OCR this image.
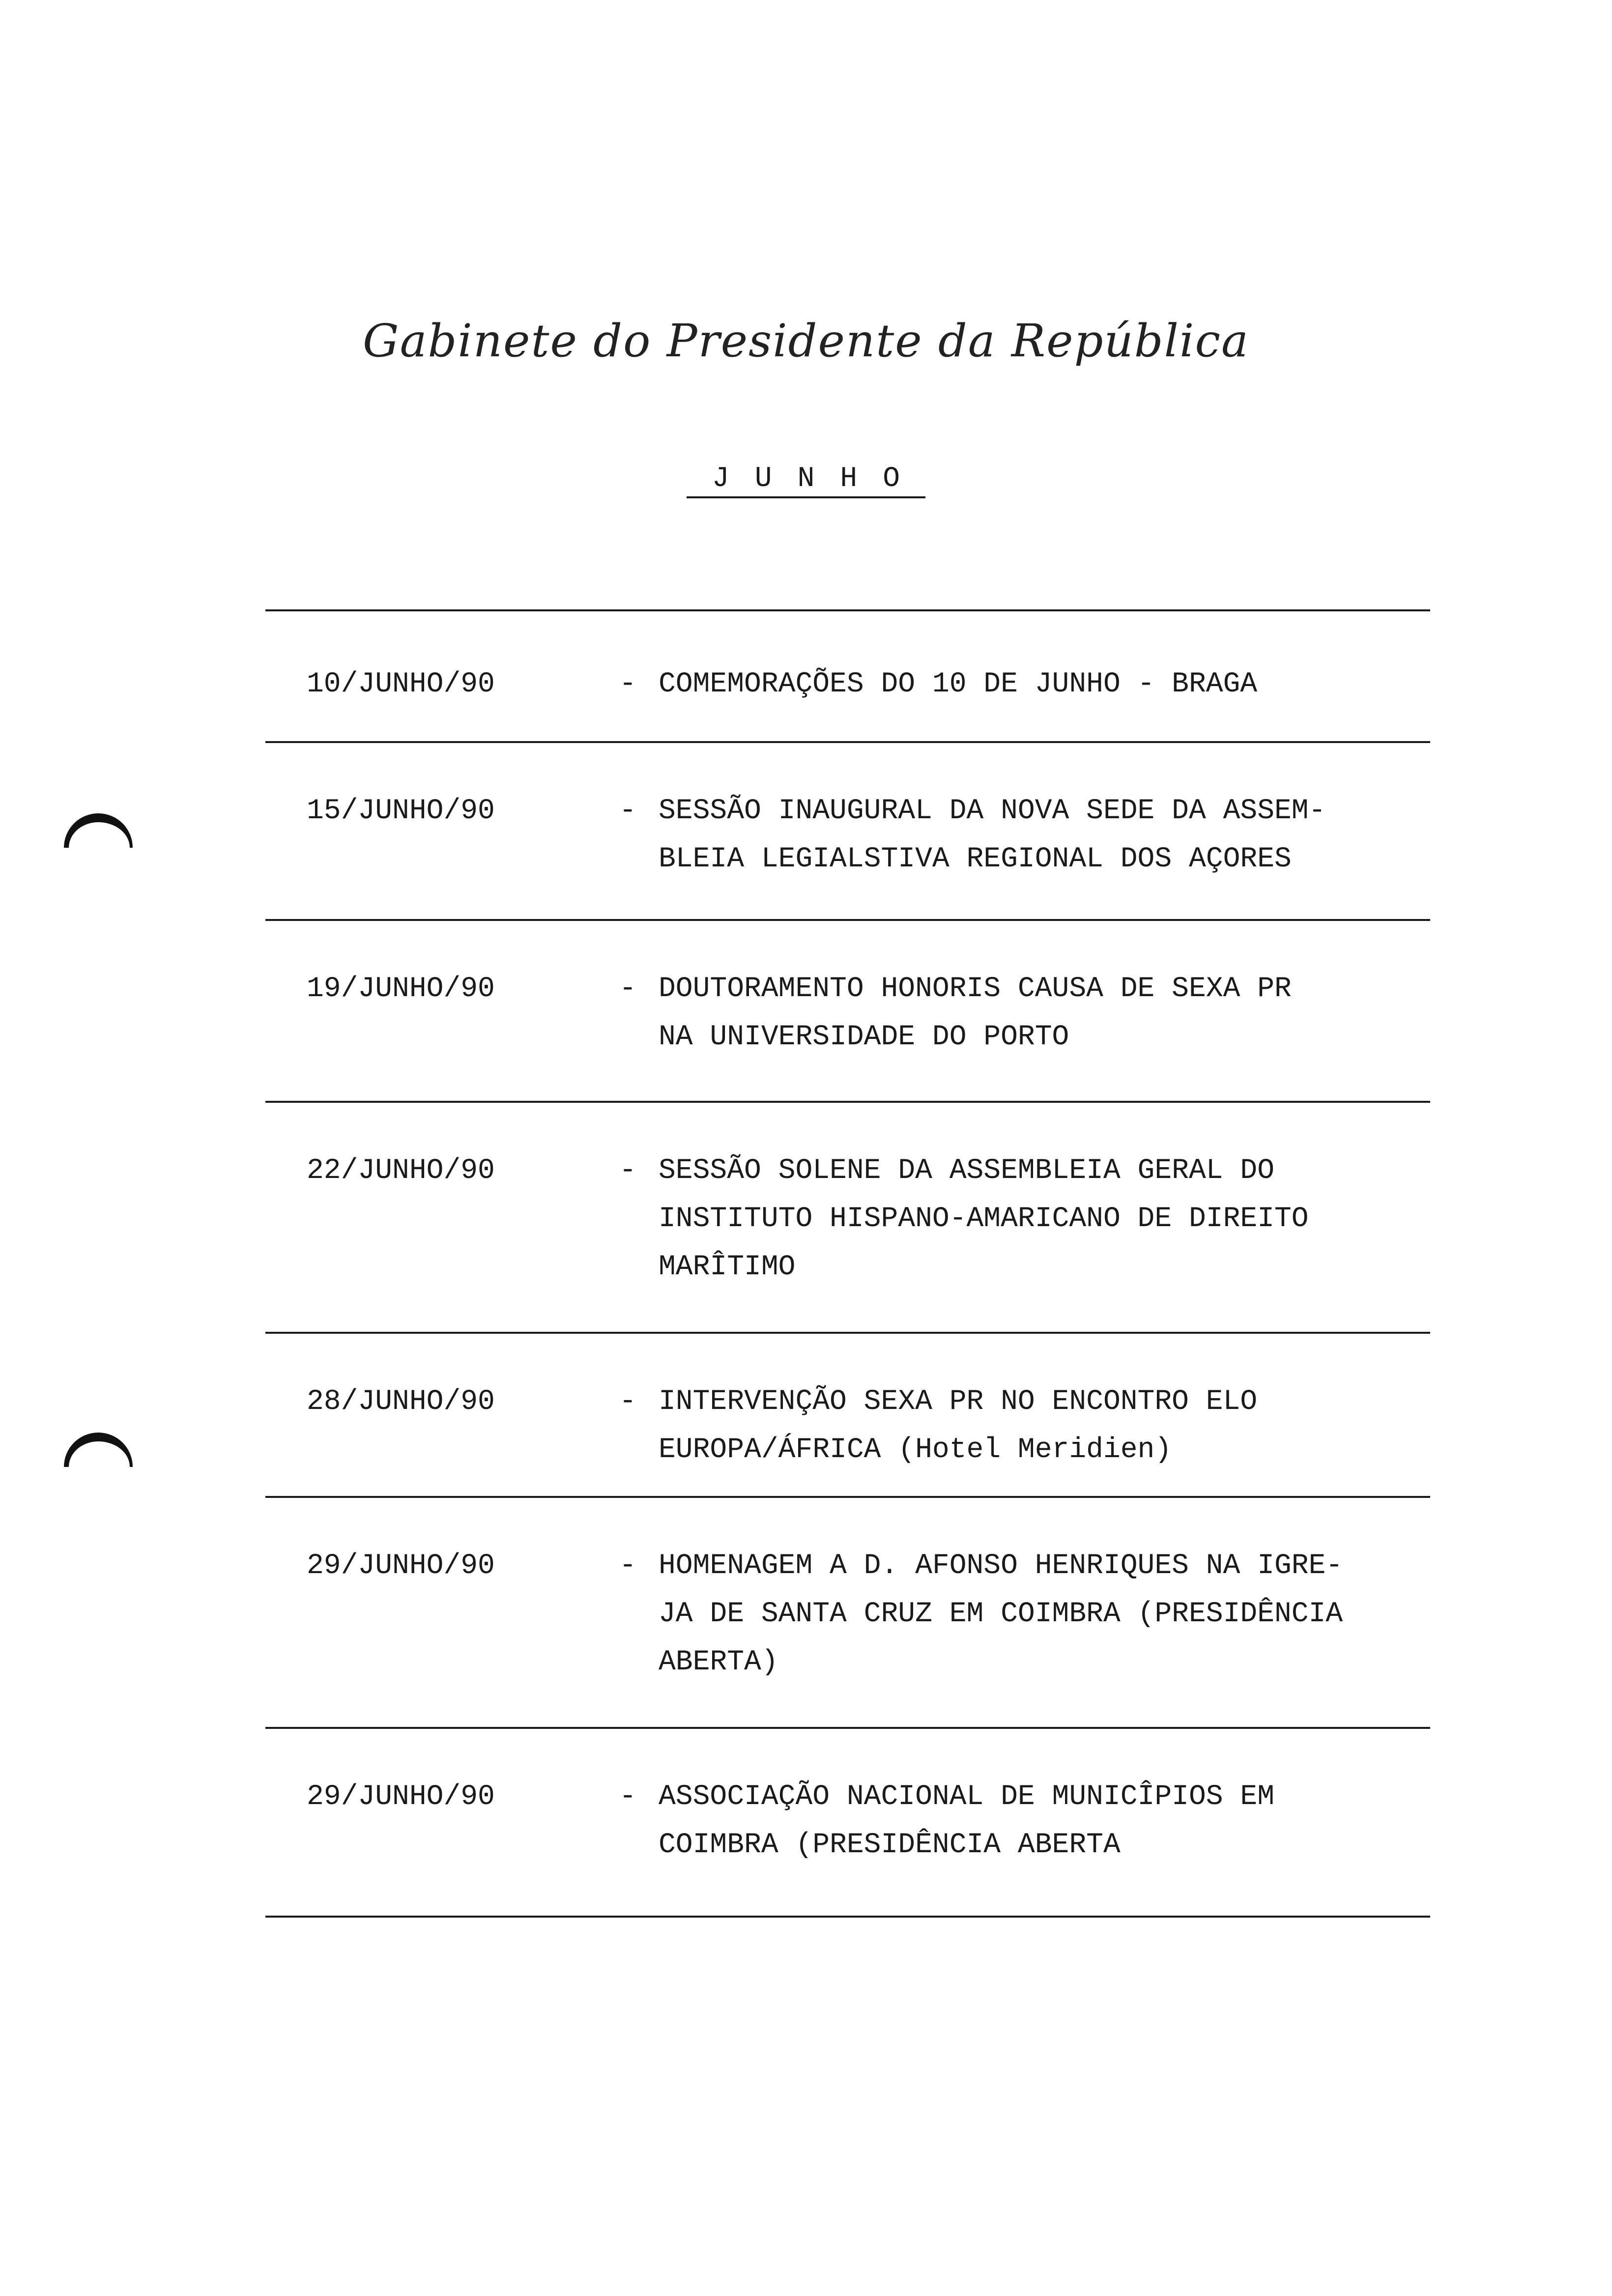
Gabinete do Presidente da República
JUNHO
10/JUNHO/90	- COMEMORAÇÕES DO 10 DE JUNHO - BRAGA
15/JUNHO/90	- SESSÃO INAUGURAL DA NOVA SEDE DA ASSEM-
BLEIA LEGIALSTIVA REGIONAL DOS AÇORES
19/JUNHO/90	- DOUTORAMENTO HONORIS CAUSA DE SEXA PR
NA UNIVERSIDADE DO PORTO
22/JUNHO/90	- SESSÃO SOLENE DA ASSEMBLEIA GERAL DO
INSTITUTO HISPANO-AMARICANO DE DIREITO
MARÎTIMO
28/JUNHO/90	- INTERVENÇÃO SEXA PR NO ENCONTRO ELO
EUROPA/ÁFRICA (Hotel Meridien)
29/JUNHO/90	- HOMENAGEM A D. AFONSO HENRIQUES NA IGRE-
JA DE SANTA CRUZ EM COIMBRA (PRESIDÊNCIA
ABERTA)
29/JUNHO/90	- ASSOCIAÇÃO NACIONAL DE MUNICÎPIOS EM
COIMBRA (PRESIDÊNCIA ABERTA
